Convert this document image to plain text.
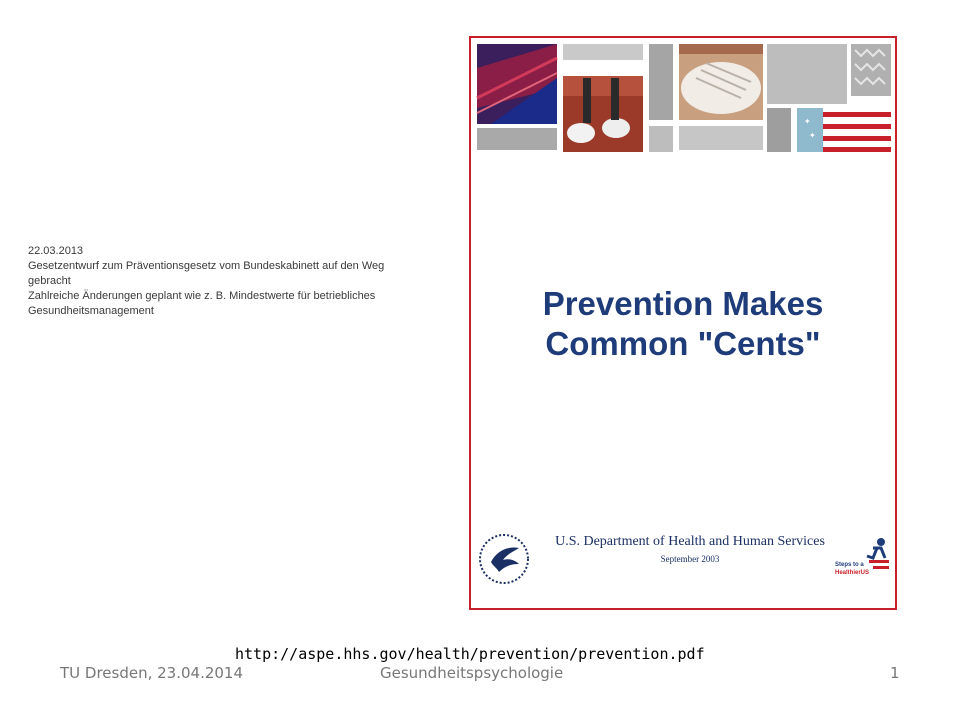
22.03.2013
Gesetzentwurf zum Präventionsgesetz vom Bundeskabinett auf den Weg gebracht
Zahlreiche Änderungen geplant wie z. B. Mindestwerte für betriebliches Gesundheitsmanagement
✦
✦
Prevention Makes
Common "Cents"
U.S. Department of Health and Human Services
September 2003
Steps to a
HealthierUS
http://aspe.hhs.gov/health/prevention/prevention.pdf
TU Dresden, 23.04.2014	Gesundheitspsychologie	1
